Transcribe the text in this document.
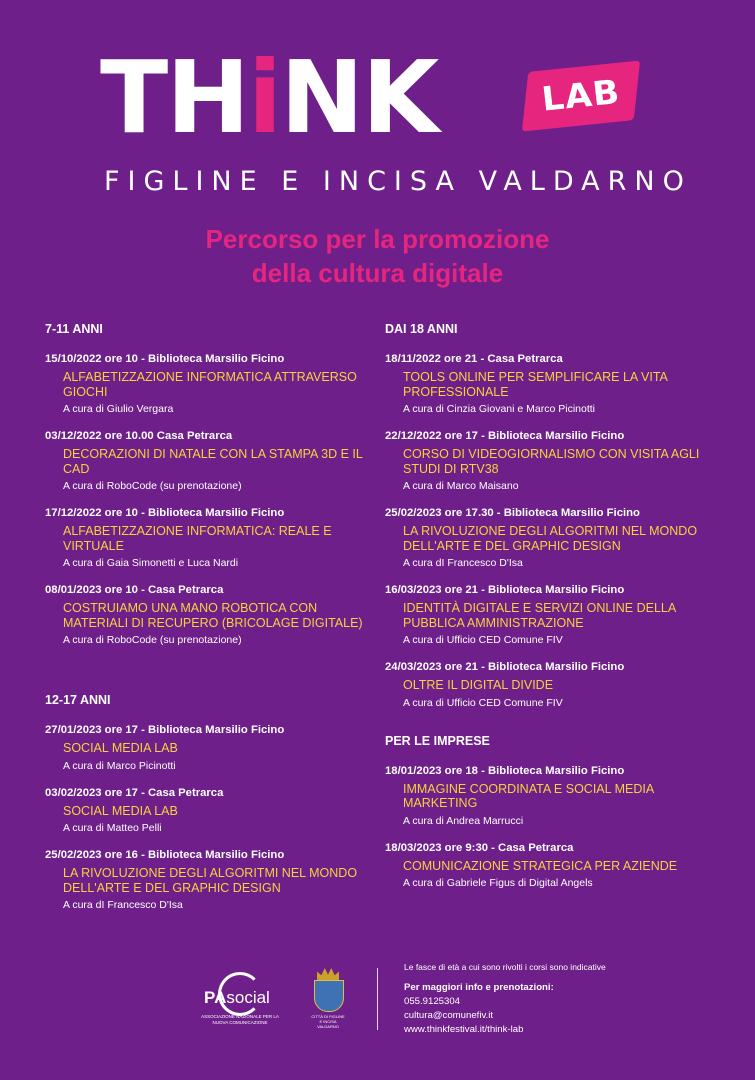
THiNK	LAB
FIGLINE E INCISA VALDARNO
Percorso per la promozione
della cultura digitale
7-11 ANNI
15/10/2022 ore 10 - Biblioteca Marsilio Ficino
ALFABETIZZAZIONE INFORMATICA ATTRAVERSO GIOCHI
A cura di Giulio Vergara
03/12/2022 ore 10.00 Casa Petrarca
DECORAZIONI DI NATALE CON LA STAMPA 3D E IL CAD
A cura di RoboCode (su prenotazione)
17/12/2022 ore 10 - Biblioteca Marsilio Ficino
ALFABETIZZAZIONE INFORMATICA: REALE E VIRTUALE
A cura di Gaia Simonetti e Luca Nardi
08/01/2023 ore 10 - Casa Petrarca
COSTRUIAMO UNA MANO ROBOTICA CON MATERIALI DI RECUPERO (BRICOLAGE DIGITALE)
A cura di RoboCode (su prenotazione)
12-17 ANNI
27/01/2023 ore 17 - Biblioteca Marsilio Ficino
SOCIAL MEDIA LAB
A cura di Marco Picinotti
03/02/2023 ore 17 - Casa Petrarca
SOCIAL MEDIA LAB
A cura di Matteo Pelli
25/02/2023 ore 16 - Biblioteca Marsilio Ficino
LA RIVOLUZIONE DEGLI ALGORITMI NEL MONDO DELL'ARTE E DEL GRAPHIC DESIGN
A cura dI Francesco D'Isa
DAI 18 ANNI
18/11/2022 ore 21 - Casa Petrarca
TOOLS ONLINE PER SEMPLIFICARE LA VITA PROFESSIONALE
A cura di Cinzia Giovani e Marco Picinotti
22/12/2022 ore 17 - Biblioteca Marsilio Ficino
CORSO DI VIDEOGIORNALISMO CON VISITA AGLI STUDI DI RTV38
A cura di Marco Maisano
25/02/2023 ore 17.30 - Biblioteca Marsilio Ficino
LA RIVOLUZIONE DEGLI ALGORITMI NEL MONDO DELL'ARTE E DEL GRAPHIC DESIGN
A cura dI Francesco D'Isa
16/03/2023 ore 21 - Biblioteca Marsilio Ficino
IDENTITÀ DIGITALE E SERVIZI ONLINE DELLA PUBBLICA AMMINISTRAZIONE
A cura di Ufficio CED Comune FIV
24/03/2023 ore 21 - Biblioteca Marsilio Ficino
OLTRE IL DIGITAL DIVIDE
A cura di Ufficio CED Comune FIV
PER LE IMPRESE
18/01/2023 ore 18 - Biblioteca Marsilio Ficino
IMMAGINE COORDINATA E SOCIAL MEDIA MARKETING
A cura di Andrea Marrucci
18/03/2023 ore 9:30 - Casa Petrarca
COMUNICAZIONE STRATEGICA PER AZIENDE
A cura di Gabriele Figus di Digital Angels
PAsocial
ASSOCIAZIONE NAZIONALE PER LA NUOVA COMUNICAZIONE
CITTÀ DI FIGLINE E INCISA VALDARNO
Le fasce di età a cui sono rivolti i corsi sono indicative
Per maggiori info e prenotazioni:
055.9125304
cultura@comunefiv.it
www.thinkfestival.it/think-lab
